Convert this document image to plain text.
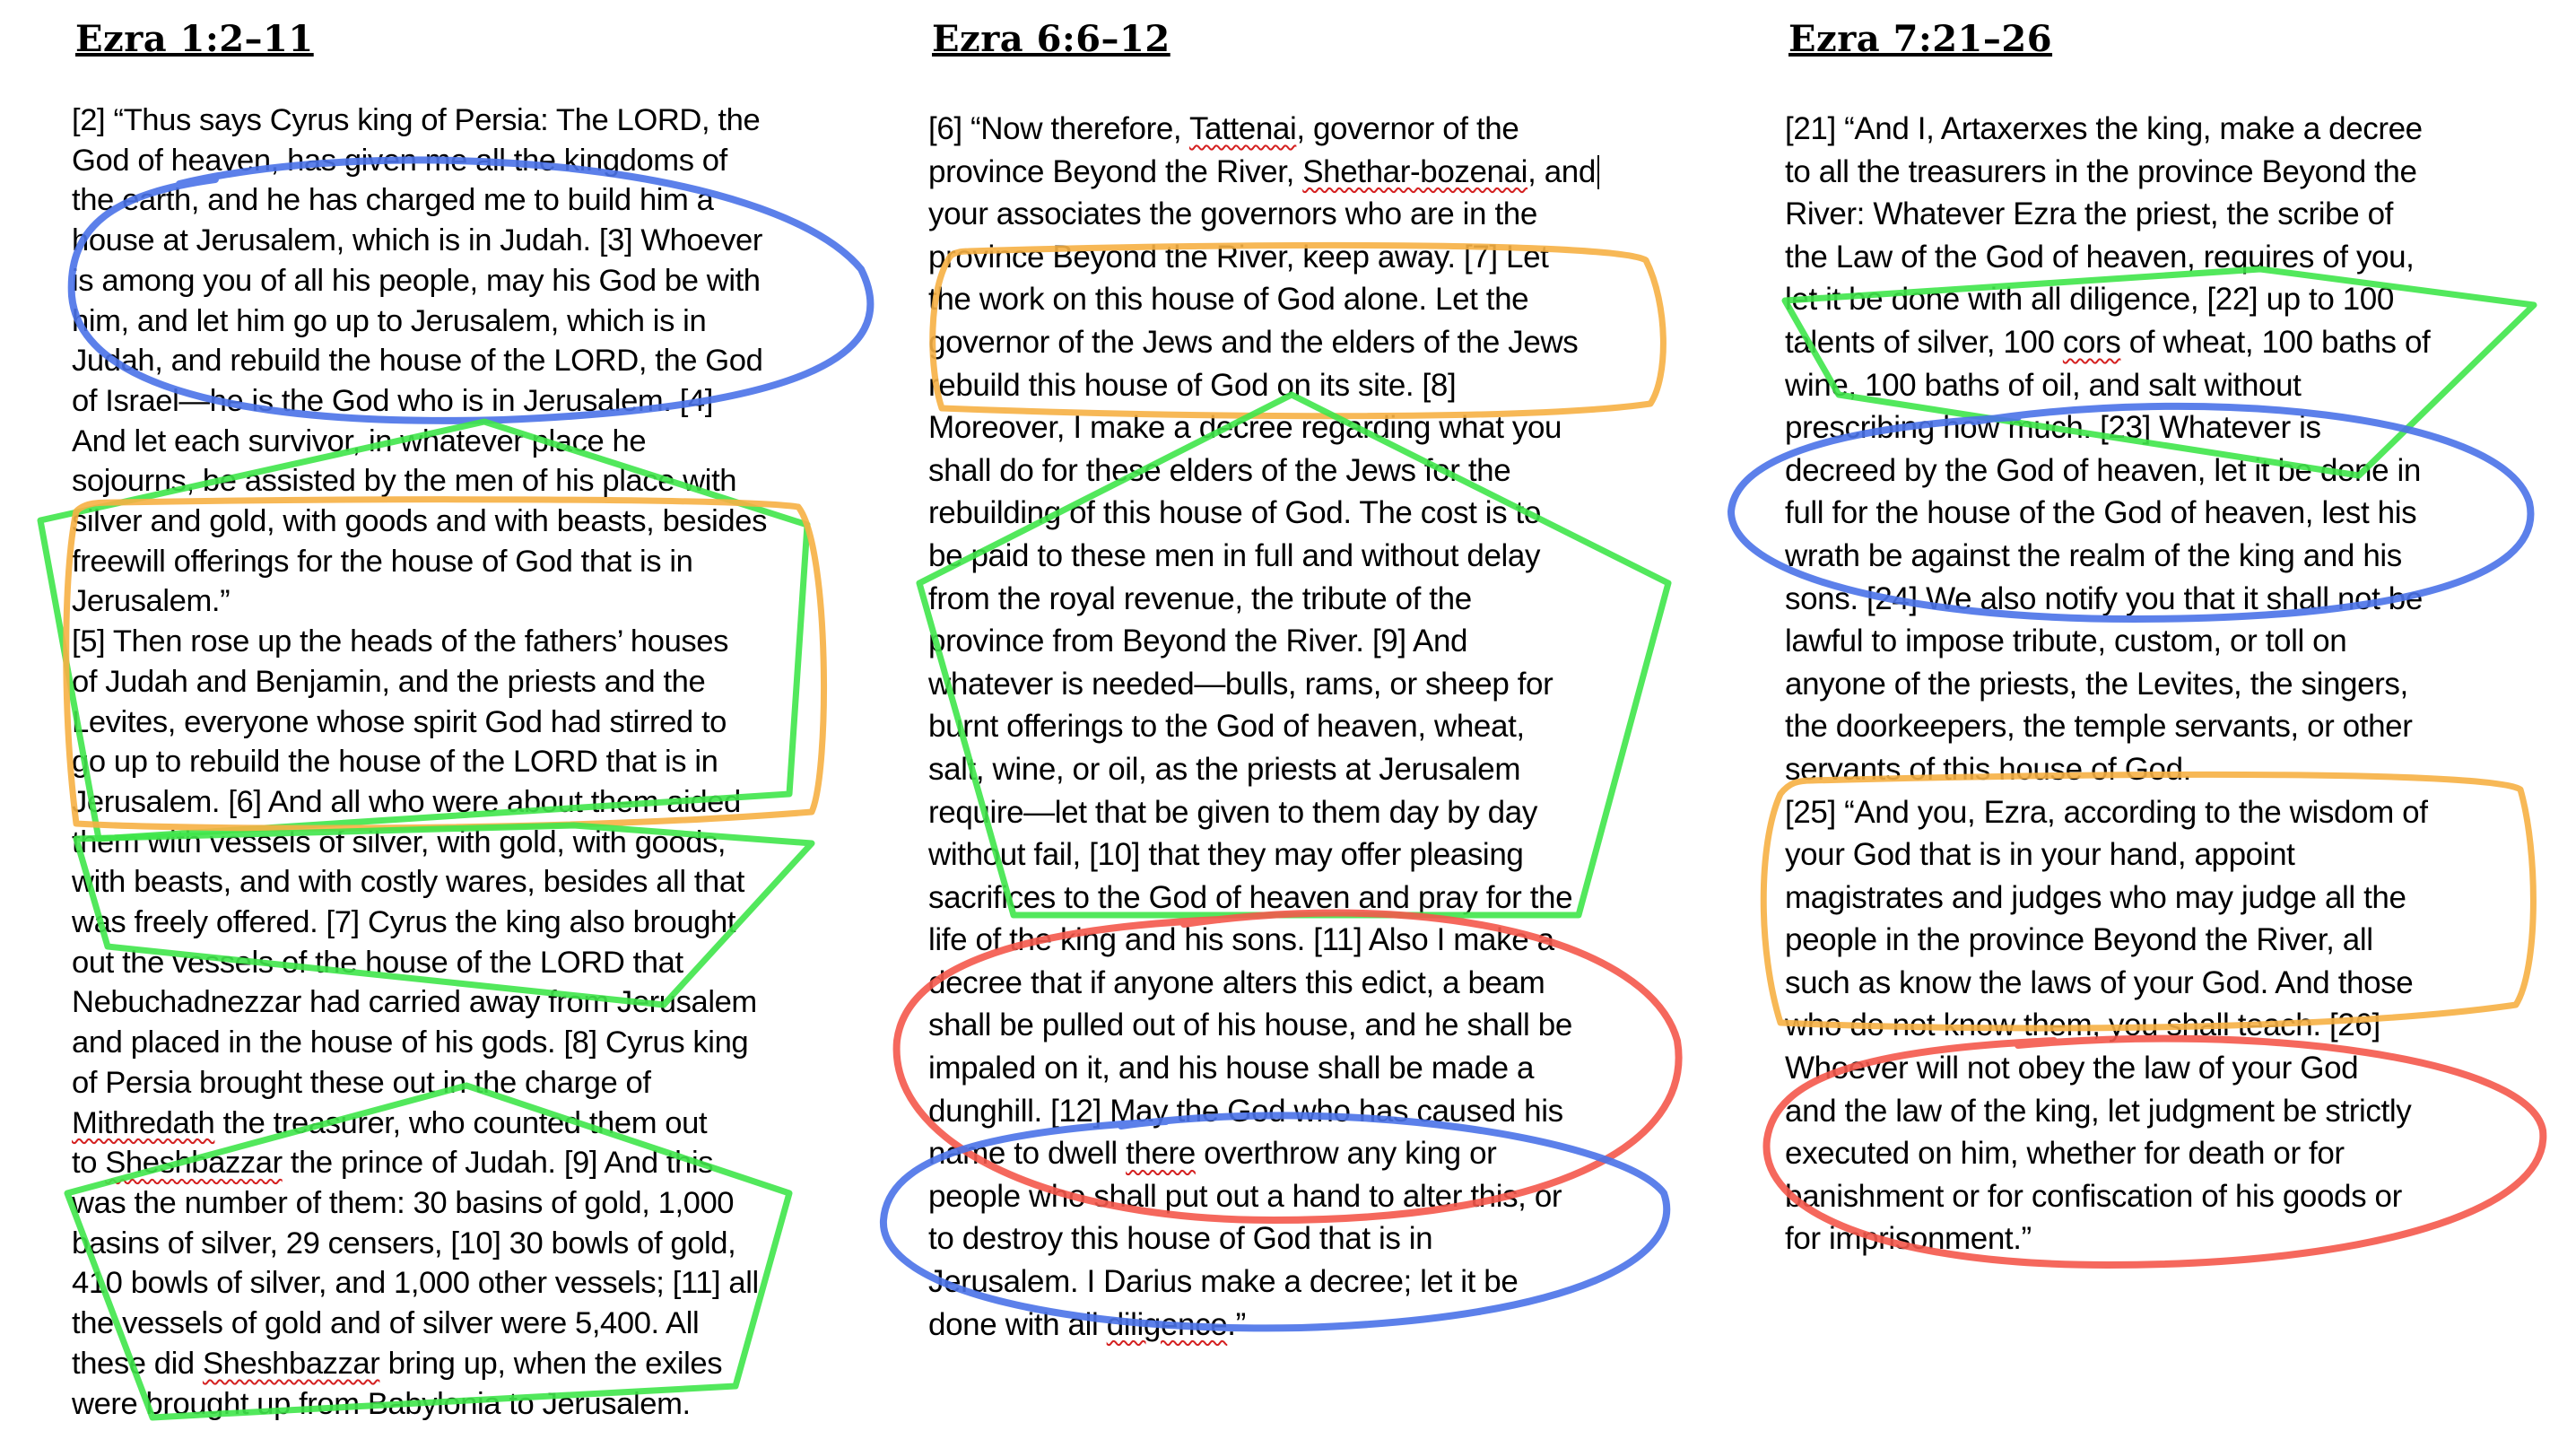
Ezra 1:2–11
[2] “Thus says Cyrus king of Persia: The LORD, the
God of heaven, has given me all the kingdoms of
the earth, and he has charged me to build him a
house at Jerusalem, which is in Judah. [3] Whoever
is among you of all his people, may his God be with
him, and let him go up to Jerusalem, which is in
Judah, and rebuild the house of the LORD, the God
of Israel—he is the God who is in Jerusalem. [4]
And let each survivor, in whatever place he
sojourns, be assisted by the men of his place with
silver and gold, with goods and with beasts, besides
freewill offerings for the house of God that is in
Jerusalem.”
[5] Then rose up the heads of the fathers’ houses
of Judah and Benjamin, and the priests and the
Levites, everyone whose spirit God had stirred to
go up to rebuild the house of the LORD that is in
Jerusalem. [6] And all who were about them aided
them with vessels of silver, with gold, with goods,
with beasts, and with costly wares, besides all that
was freely offered. [7] Cyrus the king also brought
out the vessels of the house of the LORD that
Nebuchadnezzar had carried away from Jerusalem
and placed in the house of his gods. [8] Cyrus king
of Persia brought these out in the charge of
Mithredath the treasurer, who counted them out
to Sheshbazzar the prince of Judah. [9] And this
was the number of them: 30 basins of gold, 1,000
basins of silver, 29 censers, [10] 30 bowls of gold,
410 bowls of silver, and 1,000 other vessels; [11] all
the vessels of gold and of silver were 5,400. All
these did Sheshbazzar bring up, when the exiles
were brought up from Babylonia to Jerusalem.
Ezra 6:6–12
[6] “Now therefore, Tattenai, governor of the
province Beyond the River, Shethar-bozenai, and
your associates the governors who are in the
province Beyond the River, keep away. [7] Let
the work on this house of God alone. Let the
governor of the Jews and the elders of the Jews
rebuild this house of God on its site. [8]
Moreover, I make a decree regarding what you
shall do for these elders of the Jews for the
rebuilding of this house of God. The cost is to
be paid to these men in full and without delay
from the royal revenue, the tribute of the
province from Beyond the River. [9] And
whatever is needed—bulls, rams, or sheep for
burnt offerings to the God of heaven, wheat,
salt, wine, or oil, as the priests at Jerusalem
require—let that be given to them day by day
without fail, [10] that they may offer pleasing
sacrifices to the God of heaven and pray for the
life of the king and his sons. [11] Also I make a
decree that if anyone alters this edict, a beam
shall be pulled out of his house, and he shall be
impaled on it, and his house shall be made a
dunghill. [12] May the God who has caused his
name to dwell there overthrow any king or
people who shall put out a hand to alter this, or
to destroy this house of God that is in
Jerusalem. I Darius make a decree; let it be
done with all diligence.”
Ezra 7:21–26
[21] “And I, Artaxerxes the king, make a decree
to all the treasurers in the province Beyond the
River: Whatever Ezra the priest, the scribe of
the Law of the God of heaven, requires of you,
let it be done with all diligence, [22] up to 100
talents of silver, 100 cors of wheat, 100 baths of
wine, 100 baths of oil, and salt without
prescribing how much. [23] Whatever is
decreed by the God of heaven, let it be done in
full for the house of the God of heaven, lest his
wrath be against the realm of the king and his
sons. [24] We also notify you that it shall not be
lawful to impose tribute, custom, or toll on
anyone of the priests, the Levites, the singers,
the doorkeepers, the temple servants, or other
servants of this house of God.
[25] “And you, Ezra, according to the wisdom of
your God that is in your hand, appoint
magistrates and judges who may judge all the
people in the province Beyond the River, all
such as know the laws of your God. And those
who do not know them, you shall teach. [26]
Whoever will not obey the law of your God
and the law of the king, let judgment be strictly
executed on him, whether for death or for
banishment or for confiscation of his goods or
for imprisonment.”
